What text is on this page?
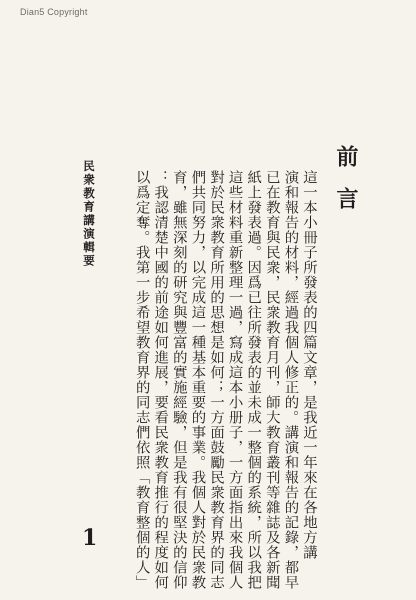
Dian5 Copyright
民衆教育講演輯要
1
前言
這一本小冊子所發表的四篇文章，是我近一年來在各地方講
演和報告的材料，經過我個人修正的。講演和報告的記錄，都早
已在教育與民衆，民衆教育月刊，師大教育叢刊等雜誌及各新聞
紙上發表過。因爲已往所發表的並未成一整個的系統，所以我把
這些材料重新整理一過，寫成這本小册子，一方面指出來我個人
對於民衆教育所用的思想是如何；一方面鼓勵民衆教育界的同志
們共同努力，以完成這一種基本重要的事業。我個人對於民衆教
育，雖無深刻的研究與豐富的實施經驗，但是我有很堅決的信仰
：我認清楚中國的前途如何進展，要看民衆教育推行的程度如何
以爲定奪。我第一步希望教育界的同志們依照「教育整個的人」
